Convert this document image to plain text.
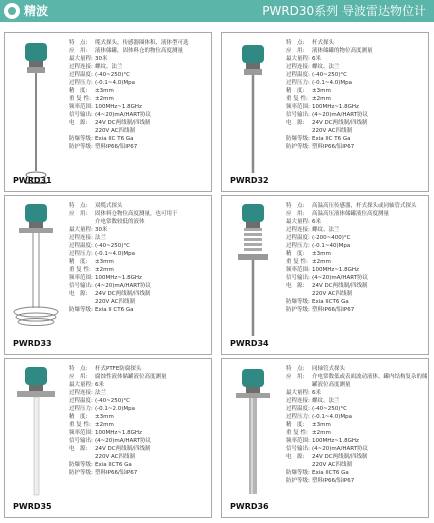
精波	PWRD30系列 导波雷达物位计
特　点:	缆式探头，传感器圈体积、液体型可选
应　用:	液体储罐，固体料仓的物位高度测量
最大量程: 30米
过程连接: 螺纹、法兰
过程温度: (-40~250)°C
过程压力: (-0.1~4.0)Mpa
精　度:	±3mm
重 复 性: ±2mm
频率范围: 100MHz~1.8GHz
信号输出: (4~20)mA/HART协议
电　源:	24V DC两线制/四线制
220V AC四线制
防爆等级: Exia IIC T6 Ga
防护等级: 塑料IP66/铝IP67
PWRD31
特　点:	杆式探头
应　用:	液体储罐的物位高度测量
最大量程: 6米
过程连接: 螺纹、法兰
过程温度: (-40~250)°C
过程压力: (-0.1~4.0)Mpa
精　度:	±3mm
重 复 性: ±2mm
频率范围: 100MHz~1.8GHz
信号输出: (4~20)mA/HART协议
电　源:	24V DC两线制/四线制
220V AC四线制
防爆等级: Exia IIC T6 Ga
防护等级: 塑料IP66/铝IP67
PWRD32
特　点:	双缆式探头
应　用:	固体料仓物位高度测量，也可用于
介电常数较低的液体
最大量程: 30米
过程连接: 法兰
过程温度: (-40~250)°C
过程压力: (-0.1~4.0)Mpa
精　度:	±3mm
重 复 性: ±2mm
频率范围: 100MHz~1.8GHz
信号输出: (4~20)mA/HART协议
电　源:	24V DC两线制/四线制
220V AC四线制
防爆等级: Exia II CT6 Ga
PWRD33
特　点:	高温高压传感器，杆式探头或同轴管式探头
应　用:	高温高压液体储罐液位高度测量
最大量程: 6米
过程连接: 螺纹、法兰
过程温度: (-200~400)°C
过程压力: (-0.1~40)Mpa
精　度:	±3mm
重 复 性: ±2mm
频率范围: 100MHz~1.8GHz
信号输出: (4~20)mA/HART协议
电　源:	24V DC两线制/四线制
220V AC四线制
防爆等级: Exia IICT6 Ga
防护等级: 塑料IP66/铝IP67
PWRD34
特　点:	杆式PTFE防腐探头
应　用:	腐蚀性液体储罐液位高度测量
最大量程: 6米
过程连接: 法兰
过程温度: (-40~250)°C
过程压力: (-0.1~2.0)Mpa
精　度:	±3mm
重 复 性: ±2mm
频率范围: 100MHz~1.8GHz
信号输出: (4~20)mA/HART协议
电　源:	24V DC两线制/四线制
220V AC四线制
防爆等级: Exia IICT6 Ga
防护等级: 塑料IP66/铝IP67
PWRD35
特　点:	同轴管式探头
应　用:	介电常数低或表面波动液体、罐内结构复杂的储罐液位高度测量
最大量程: 6米
过程连接: 螺纹、法兰
过程温度: (-40~250)°C
过程压力: (-0.1~4.0)Mpa
精　度:	±3mm
重 复 性: ±2mm
频率范围: 100MHz~1.8GHz
信号输出: (4~20)mA/HART协议
电　源:	24V DC两线制/四线制
220V AC四线制
防爆等级: Exia IICT6 Ga
防护等级: 塑料IP66/铝IP67
PWRD36
